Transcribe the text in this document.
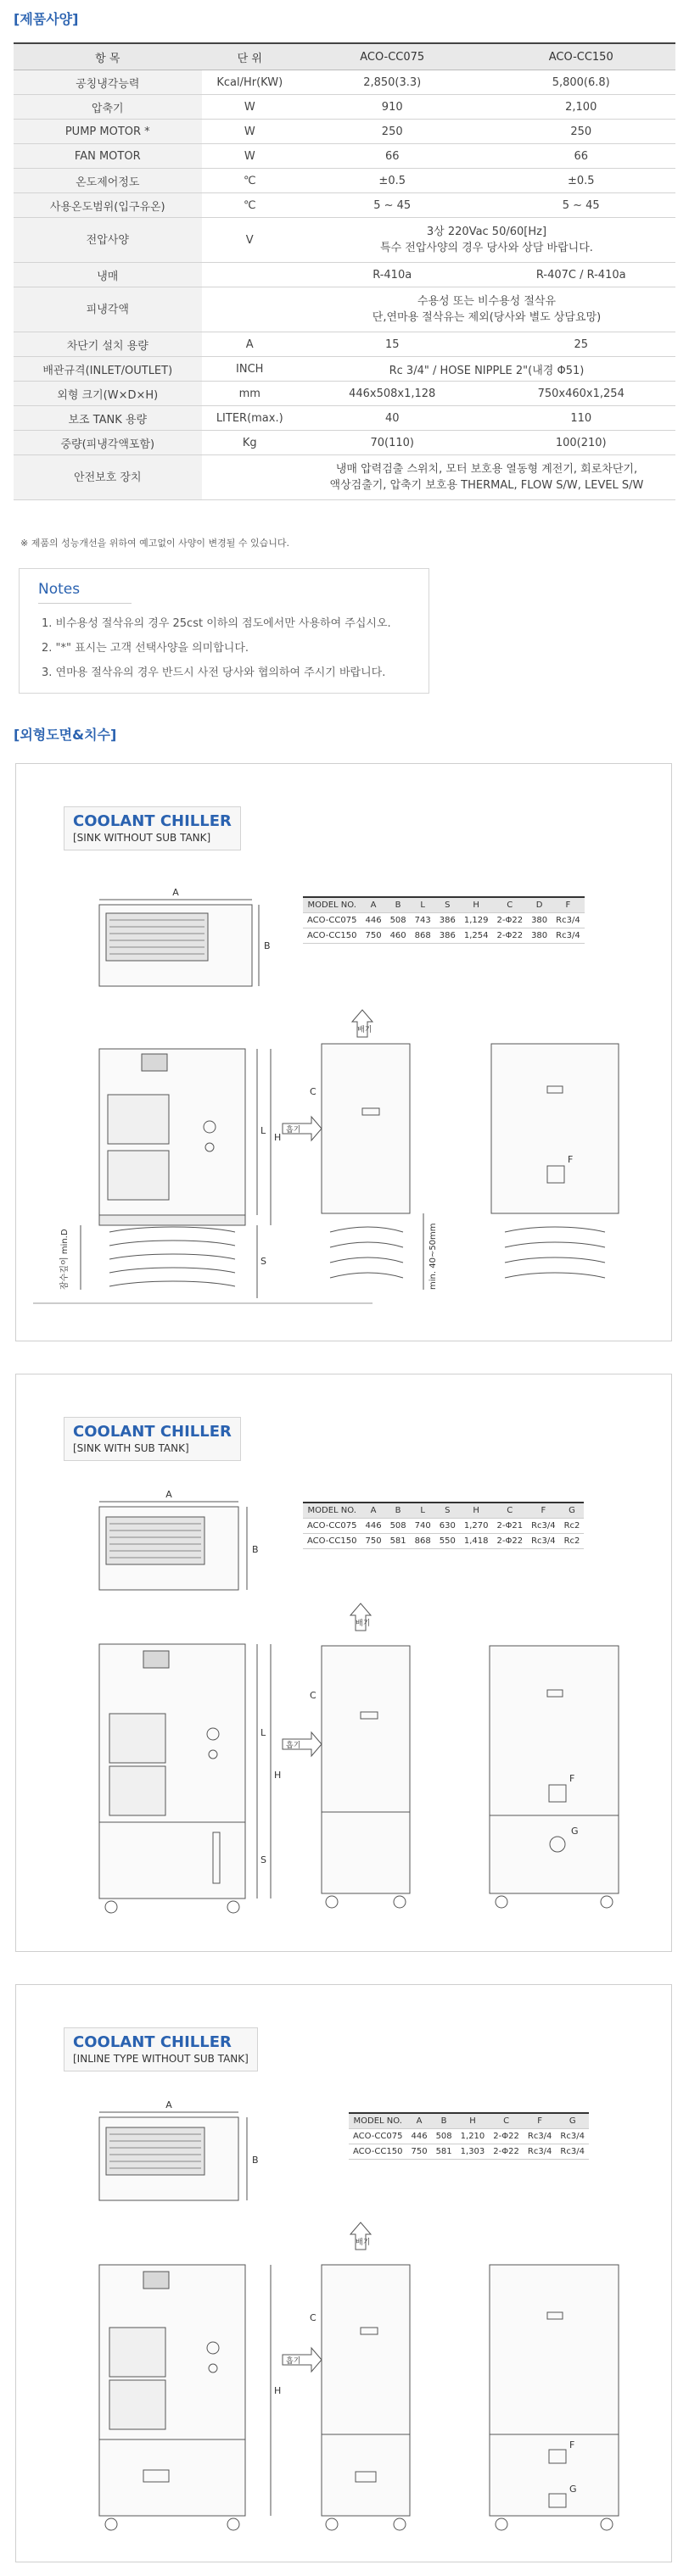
[제품사양]
항 목	단 위	ACO-CC075	ACO-CC150
공칭냉각능력	Kcal/Hr(KW)	2,850(3.3)	5,800(6.8)
압축기	W	910	2,100
PUMP MOTOR *	W	250	250
FAN MOTOR	W	66	66
온도제어정도	℃	±0.5	±0.5
사용온도범위(입구유온)	℃	5 ~ 45	5 ~ 45
전압사양	V	3상 220Vac 50/60[Hz]
특수 전압사양의 경우 당사와 상담 바랍니다.	

냉매		R-410a	R-407C / R-410a
피냉각액		수용성 또는 비수용성 절삭유
단,연마용 절삭유는 제외(당사와 별도 상담요망)	

차단기 설치 용량	A	15	25
배관규격(INLET/OUTLET)	INCH	Rc 3/4" / HOSE NIPPLE 2"(내경 Φ51)	
외형 크기(W×D×H)	mm	446x508x1,128	750x460x1,254
보조 TANK 용량	LITER(max.)	40	110
중량(피냉각액포함)	Kg	70(110)	100(210)
안전보호 장치		냉매 압력검출 스위치, 모터 보호용 열동형 계전기, 회로차단기,
액상검출기, 압축기 보호용 THERMAL, FLOW S/W, LEVEL S/W	
※ 제품의 성능개선을 위하여 예고없이 사양이 변경될 수 있습니다.
Notes
1. 비수용성 절삭유의 경우 25cst 이하의 점도에서만 사용하여 주십시오.
2. "*" 표시는 고객 선택사양을 의미합니다.
3. 연마용 절삭유의 경우 반드시 사전 당사와 협의하여 주시기 바랍니다.
[외형도면&치수]
COOLANT CHILLER
[SINK WITHOUT SUB TANK]
MODEL NO.	A	B	L	S	H	C	D	F
ACO-CC075	446	508	743	386	1,129	2-Φ22	380	Rc3/4
ACO-CC150	750	460	868	386	1,254	2-Φ22	380	Rc3/4
A
B
L
H
S
C
F
배기
흡기
잠수깊이 min.D	min. 40~50mm
COOLANT CHILLER
[SINK WITH SUB TANK]
MODEL NO.	A	B	L	S	H	C	F	G
ACO-CC075	446	508	740	630	1,270	2-Φ21	Rc3/4	Rc2
ACO-CC150	750	581	868	550	1,418	2-Φ22	Rc3/4	Rc2
A
B
L
H
S
C
F
G
배기
흡기
COOLANT CHILLER
[INLINE TYPE WITHOUT SUB TANK]
MODEL NO.	A	B	H	C	F	G
ACO-CC075	446	508	1,210	2-Φ22	Rc3/4	Rc3/4
ACO-CC150	750	581	1,303	2-Φ22	Rc3/4	Rc3/4
A
B
H
C
F
G
배기
흡기
